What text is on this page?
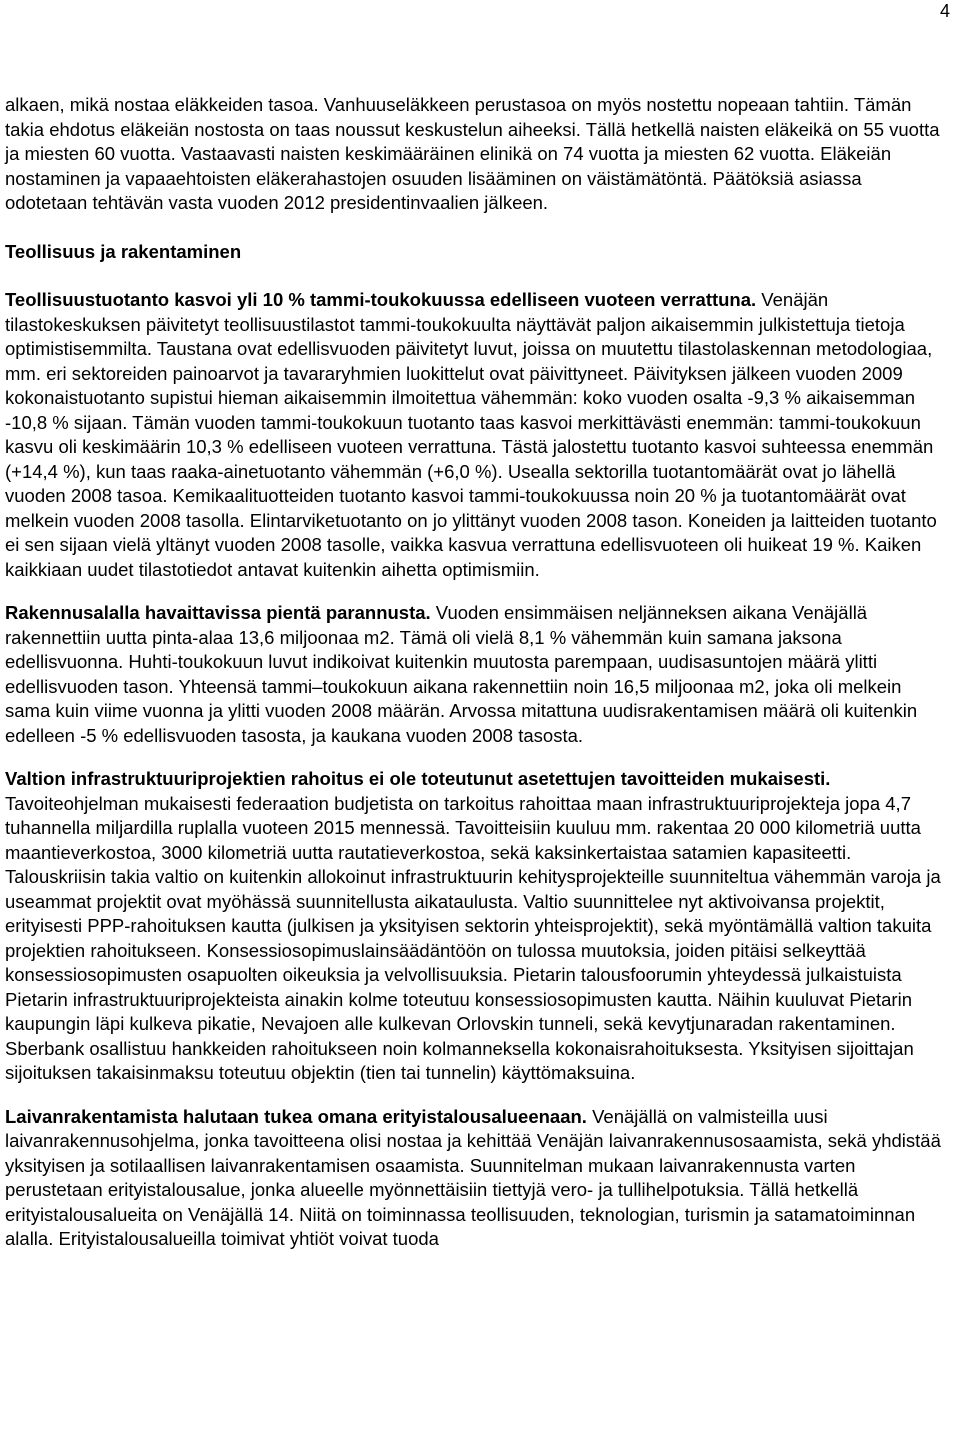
4

alkaen, mikä nostaa eläkkeiden tasoa. Vanhuuseläkkeen perustasoa on myös nostettu nopeaan tahtiin. Tämän takia ehdotus eläkeiän nostosta on taas noussut keskustelun aiheeksi. Tällä hetkellä naisten eläkeikä on 55 vuotta ja miesten 60 vuotta. Vastaavasti naisten keskimääräinen elinikä on 74 vuotta ja miesten 62 vuotta. Eläkeiän nostaminen ja vapaaehtoisten eläkerahastojen osuuden lisääminen on väistämätöntä. Päätöksiä asiassa odotetaan tehtävän vasta vuoden 2012 presidentinvaalien jälkeen.

Teollisuus ja rakentaminen

Teollisuustuotanto kasvoi yli 10 % tammi-toukokuussa edelliseen vuoteen verrattuna. Venäjän tilastokeskuksen päivitetyt teollisuustilastot tammi-toukokuulta näyttävät paljon aikaisemmin julkistettuja tietoja optimistisemmilta. Taustana ovat edellisvuoden päivitetyt luvut, joissa on muutettu tilastolaskennan metodologiaa, mm. eri sektoreiden painoarvot ja tavararyhmien luokittelut ovat päivittyneet. Päivityksen jälkeen vuoden 2009 kokonaistuotanto supistui hieman aikaisemmin ilmoitettua vähemmän: koko vuoden osalta -9,3 % aikaisemman -10,8 % sijaan. Tämän vuoden tammi-toukokuun tuotanto taas kasvoi merkittävästi enemmän: tammi-toukokuun kasvu oli keskimäärin 10,3 % edelliseen vuoteen verrattuna. Tästä jalostettu tuotanto kasvoi suhteessa enemmän (+14,4 %), kun taas raaka-ainetuotanto vähemmän (+6,0 %). Usealla sektorilla tuotantomäärät ovat jo lähellä vuoden 2008 tasoa. Kemikaalituotteiden tuotanto kasvoi tammi-toukokuussa noin 20 % ja tuotantomäärät ovat melkein vuoden 2008 tasolla. Elintarviketuotanto on jo ylittänyt vuoden 2008 tason. Koneiden ja laitteiden tuotanto ei sen sijaan vielä yltänyt vuoden 2008 tasolle, vaikka kasvua verrattuna edellisvuoteen oli huikeat 19 %. Kaiken kaikkiaan uudet tilastotiedot antavat kuitenkin aihetta optimismiin.

Rakennusalalla havaittavissa pientä parannusta. Vuoden ensimmäisen neljänneksen aikana Venäjällä rakennettiin uutta pinta-alaa 13,6 miljoonaa m2. Tämä oli vielä 8,1 % vähemmän kuin samana jaksona edellisvuonna. Huhti-toukokuun luvut indikoivat kuitenkin muutosta parempaan, uudisasuntojen määrä ylitti edellisvuoden tason. Yhteensä tammi–toukokuun aikana rakennettiin noin 16,5 miljoonaa m2, joka oli melkein sama kuin viime vuonna ja ylitti vuoden 2008 määrän. Arvossa mitattuna uudisrakentamisen määrä oli kuitenkin edelleen -5 % edellisvuoden tasosta, ja kaukana vuoden 2008 tasosta.

Valtion infrastruktuuriprojektien rahoitus ei ole toteutunut asetettujen tavoitteiden mukaisesti. Tavoiteohjelman mukaisesti federaation budjetista on tarkoitus rahoittaa maan infrastruktuuriprojekteja jopa 4,7 tuhannella miljardilla ruplalla vuoteen 2015 mennessä. Tavoitteisiin kuuluu mm. rakentaa 20 000 kilometriä uutta maantieverkostoa, 3000 kilometriä uutta rautatieverkostoa, sekä kaksinkertaistaa satamien kapasiteetti. Talouskriisin takia valtio on kuitenkin allokoinut infrastruktuurin kehitysprojekteille suunniteltua vähemmän varoja ja useammat projektit ovat myöhässä suunnitellusta aikataulusta. Valtio suunnittelee nyt aktivoivansa projektit, erityisesti PPP-rahoituksen kautta (julkisen ja yksityisen sektorin yhteisprojektit), sekä myöntämällä valtion takuita projektien rahoitukseen. Konsessiosopimuslainsäädäntöön on tulossa muutoksia, joiden pitäisi selkeyttää konsessiosopimusten osapuolten oikeuksia ja velvollisuuksia. Pietarin talousfoorumin yhteydessä julkaistuista Pietarin infrastruktuuriprojekteista ainakin kolme toteutuu konsessiosopimusten kautta. Näihin kuuluvat Pietarin kaupungin läpi kulkeva pikatie, Nevajoen alle kulkevan Orlovskin tunneli, sekä kevytjunaradan rakentaminen. Sberbank osallistuu hankkeiden rahoitukseen noin kolmanneksella kokonaisrahoituksesta. Yksityisen sijoittajan sijoituksen takaisinmaksu toteutuu objektin (tien tai tunnelin) käyttömaksuina.

Laivanrakentamista halutaan tukea omana erityistalousalueenaan. Venäjällä on valmisteilla uusi laivanrakennusohjelma, jonka tavoitteena olisi nostaa ja kehittää Venäjän laivanrakennusosaamista, sekä yhdistää yksityisen ja sotilaallisen laivanrakentamisen osaamista. Suunnitelman mukaan laivanrakennusta varten perustetaan erityistalousalue, jonka alueelle myönnettäisiin tiettyjä vero- ja tullihelpotuksia. Tällä hetkellä erityistalousalueita on Venäjällä 14. Niitä on toiminnassa teollisuuden, teknologian, turismin ja satamatoiminnan alalla. Erityistalousalueilla toimivat yhtiöt voivat tuoda
